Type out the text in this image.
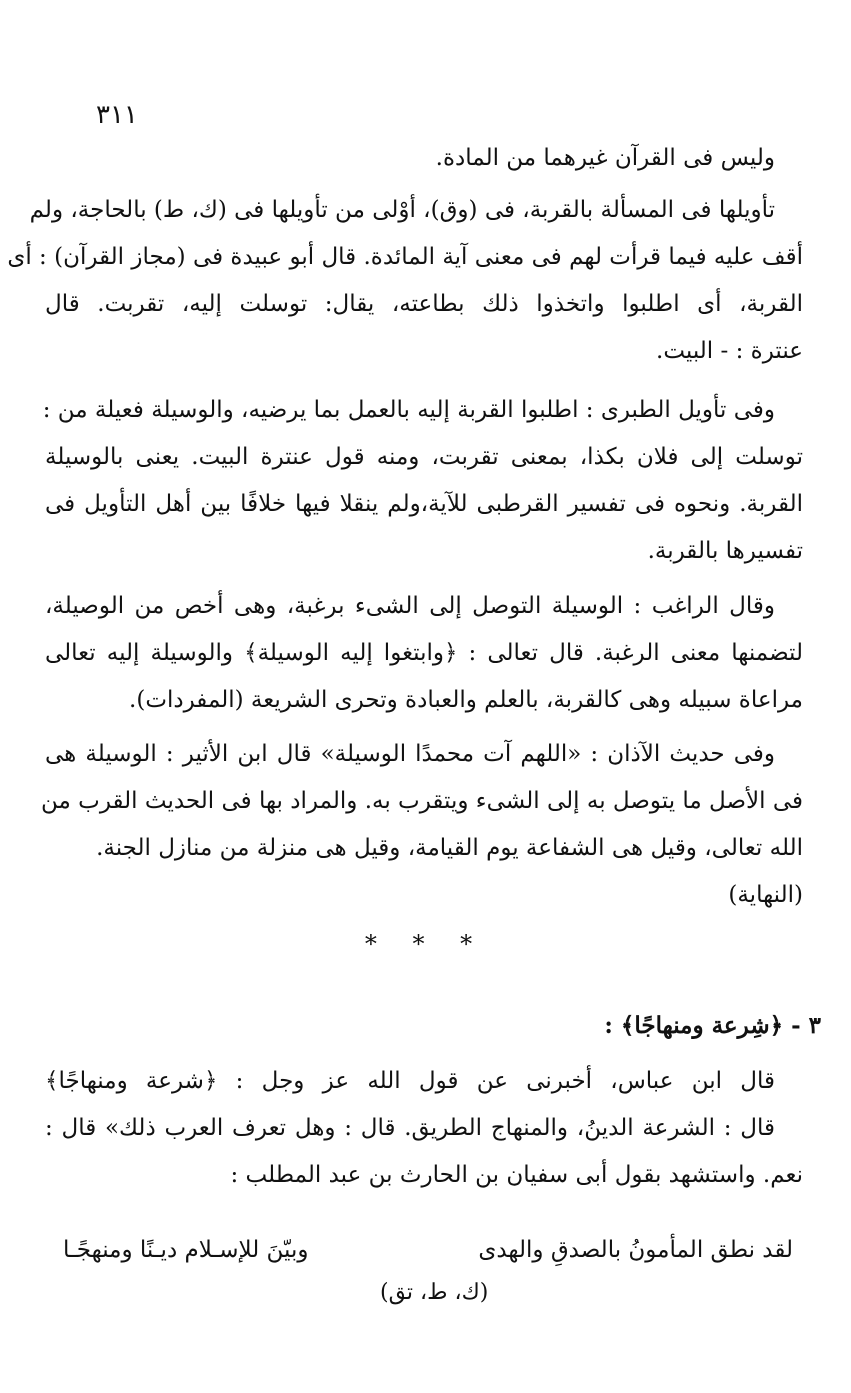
٣١١
وليس فى القرآن غيرهما من المادة.
تأويلها فى المسألة بالقربة، فى (وق)، أوْلى من تأويلها فى (ك، ط) بالحاجة، ولم
أقف عليه فيما قرأت لهم فى معنى آية المائدة. قال أبو عبيدة فى (مجاز القرآن) : أى
القربة، أى اطلبوا واتخذوا ذلك بطاعته، يقال: توسلت إليه، تقربت. قال
عنترة : - البيت.
وفى تأويل الطبرى : اطلبوا القربة إليه بالعمل بما يرضيه، والوسيلة فعيلة من :
توسلت إلى فلان بكذا، بمعنى تقربت، ومنه قول عنترة البيت. يعنى بالوسيلة
القربة. ونحوه فى تفسير القرطبى للآية،ولم ينقلا فيها خلافًا بين أهل التأويل فى
تفسيرها بالقربة.
وقال الراغب : الوسيلة التوصل إلى الشىء برغبة، وهى أخص من الوصيلة،
لتضمنها معنى الرغبة. قال تعالى : ﴿وابتغوا إليه الوسيلة﴾ والوسيلة إليه تعالى
مراعاة سبيله وهى كالقربة، بالعلم والعبادة وتحرى الشريعة (المفردات).
وفى حديث الآذان : «اللهم آت محمدًا الوسيلة» قال ابن الأثير : الوسيلة هى
فى الأصل ما يتوصل به إلى الشىء ويتقرب به. والمراد بها فى الحديث القرب من
الله تعالى، وقيل هى الشفاعة يوم القيامة، وقيل هى منزلة من منازل الجنة.
(النهاية)
* * *
٣ - ﴿شِرعة ومنهاجًا﴾ :
قال ابن عباس، أخبرنى عن قول الله عز وجل : ﴿شرعة ومنهاجًا﴾
قال : الشرعة الدينُ، والمنهاج الطريق. قال : وهل تعرف العرب ذلك» قال :
نعم. واستشهد بقول أبى سفيان بن الحارث بن عبد المطلب :
لقد نطق المأمونُ بالصدقِ والهدى
وبيّنَ للإسـلام ديـنًا ومنهجًـا
(ك، ط، تق)
